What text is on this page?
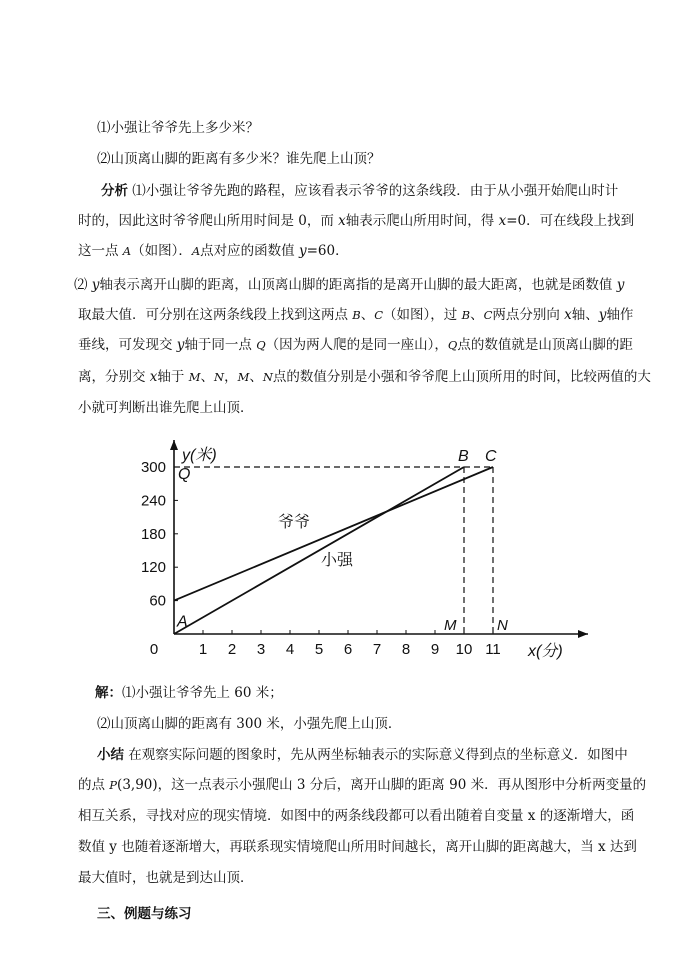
⑴小强让爷爷先上多少米？
⑵山顶离山脚的距离有多少米？谁先爬上山顶？
分析 ⑴小强让爷爷先跑的路程，应该看表示爷爷的这条线段．由于从小强开始爬山时计
时的，因此这时爷爷爬山所用时间是 0，而 x轴表示爬山所用时间，得 x=0．可在线段上找到
这一点 A（如图）．A点对应的函数值 y=60．
⑵ y轴表示离开山脚的距离，山顶离山脚的距离指的是离开山脚的最大距离，也就是函数值 y
取最大值．可分别在这两条线段上找到这两点 B、C（如图），过 B、C两点分别向 x轴、y轴作
垂线，可发现交 y轴于同一点 Q（因为两人爬的是同一座山），Q点的数值就是山顶离山脚的距
离，分别交 x轴于 M、N，M、N点的数值分别是小强和爷爷爬上山顶所用的时间，比较两值的大
小就可判断出谁先爬上山顶．
x(分)
y(米)
0	1 2 3 4 5 6 7 8 9 10 11
60
120
180
240
300
爷爷
小强
A
B C
Q
M	N
解：⑴小强让爷爷先上 60 米；
⑵山顶离山脚的距离有 300 米，小强先爬上山顶．
小结 在观察实际问题的图象时，先从两坐标轴表示的实际意义得到点的坐标意义．如图中
的点 P(3,90)，这一点表示小强爬山 3 分后，离开山脚的距离 90 米．再从图形中分析两变量的
相互关系，寻找对应的现实情境．如图中的两条线段都可以看出随着自变量 x 的逐渐增大，函
数值 y 也随着逐渐增大，再联系现实情境爬山所用时间越长，离开山脚的距离越大，当 x 达到
最大值时，也就是到达山顶．
三、例题与练习
